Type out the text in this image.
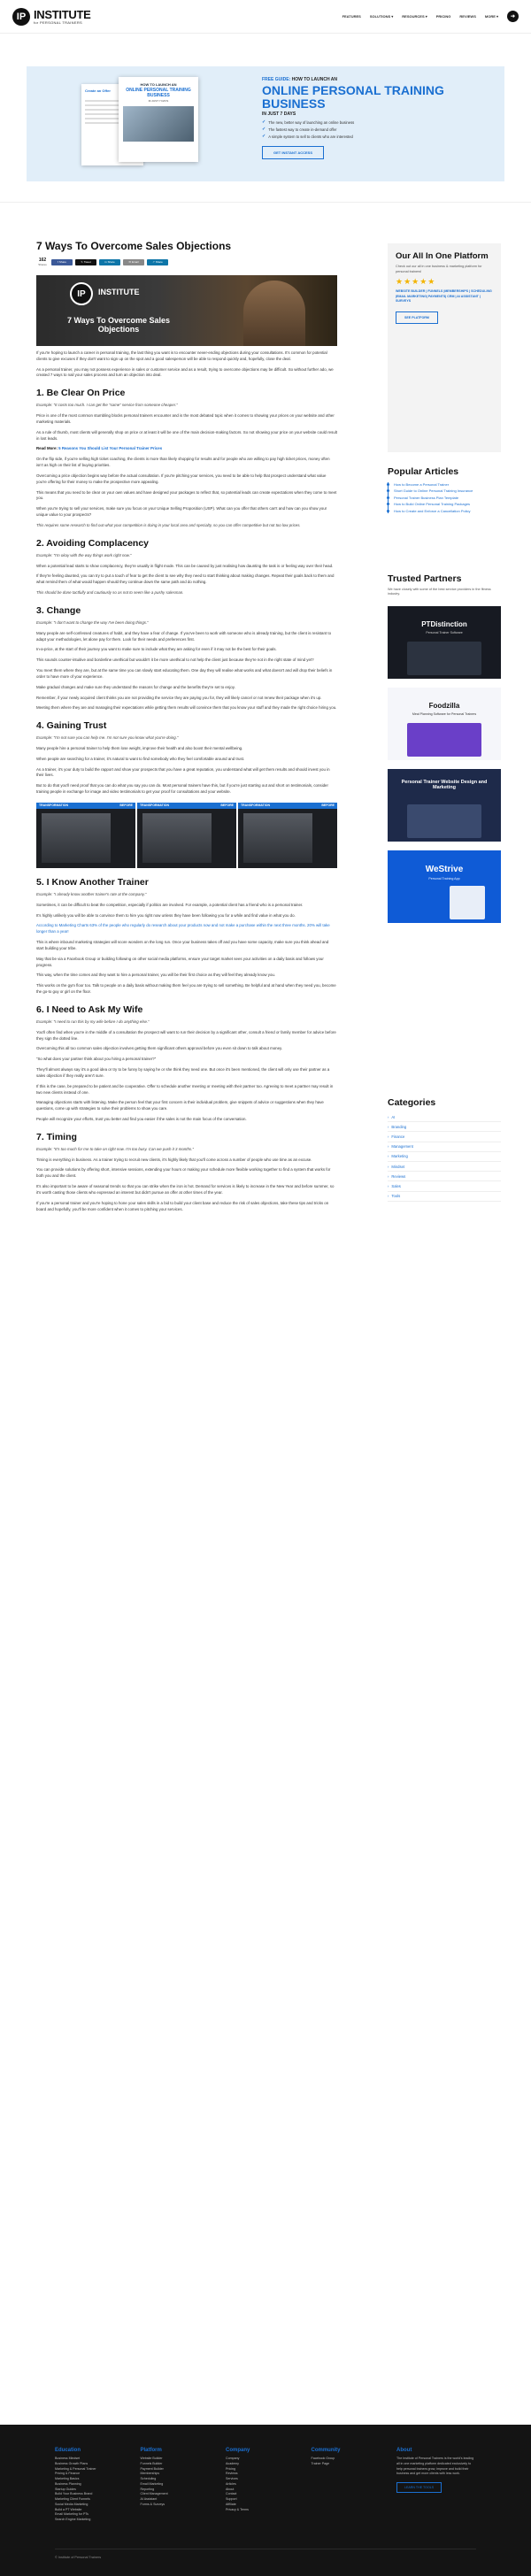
IP INSTITUTE
for PERSONAL TRAINERS
FEATURES	SOLUTIONS ▾	RESOURCES ▾	PRICING	REVIEWS	MORE ▾	➜
Create an Offer
HOW TO LAUNCH AN
ONLINE PERSONAL TRAINING BUSINESS
IN JUST 7 DAYS
FREE GUIDE: HOW TO LAUNCH AN
ONLINE PERSONAL TRAINING BUSINESS
IN JUST 7 DAYS
✓ The new, better way of launching an online business
✓ The fastest way to create in-demand offer
✓ A simple system to sell to clients who are interested
GET INSTANT ACCESS
7 Ways To Overcome Sales Objections
162
Shares
f Share	𝕏 Tweet	in Share	✉ Email	↗ Share
IP	INSTITUTE
7 Ways To Overcome Sales Objections

If you're hoping to launch a career in personal training, the last thing you want is to encounter never-ending objections during your consultations. It's common for potential clients to give excuses if they don't want to sign up on the spot and a good salesperson will be able to respond quickly and, hopefully, close the deal.

As a personal trainer, you may not possess experience in sales or customer service and as a result, trying to overcome objections may be difficult. So without further ado, we created 7 ways to nail your sales process and turn an objection into deal.

1. Be Clear On Price

Example: “It costs too much. I can get the “same” service from someone cheaper.”

Price is one of the most common stumbling blocks personal trainers encounter and is the most debated topic when it comes to showing your prices on your website and other marketing materials.

As a rule of thumb, most clients will generally shop on price or at least it will be one of the main decision-making factors. So not showing your price on your website could result in lost leads.

Read More: 5 Reasons You Should List Your Personal Trainer Prices

On the flip side, if you're selling high ticket coaching, the clients is more than likely shopping for results and for people who are willing to pay high ticket prices, money often isn't as high on their list of buying priorities.

Overcoming a price objection begins way before the actual consultation. If you're pitching your services, you need to be able to help that prospect understand what value you're offering for their money to make the prospective more appealing.

This means that you need to be clear on your own values and have designed your packages to reflect that, so potential leads can create expectations when they come to meet you.

When you're trying to sell your services, make sure you focus on your Unique Selling Proposition (USP). What can you offer that others can't and how can you show your unique value to your prospects?

This requires some research to find out what your competition is doing in your local area and specialty, so you can offer competitive but not too low prices.

2. Avoiding Complacency

Example: “I'm okay with the way things work right now.”

When a potential lead starts to show complacency, they're usually in flight mode. This can be caused by just realising how daunting the task is or feeling way over their head.

If they're feeling daunted, you can try to put a touch of fear to get the client to see why they need to start thinking about making changes. Repeat their goals back to them and what remind them of what would happen should they continue down the same path and do nothing.

This should be done tactfully and cautiously so as not to seem like a pushy salesman.

3. Change

Example: “I don't want to change the way I've been doing things.”

Many people are self-confessed creatures of habit, and they have a fear of change. If you've been to work with someone who is already training, but the client is resistant to adapt your methodologies, let alone pay for them. Look for their needs and preferences first.

In-a-price, at the start of their journey you want to make sure to include what they are asking for even if it may not be the best for their goals.

This sounds counter-intuitive and borderline unethical but wouldn't it be more unethical to not help the client just because they're not in the right state of mind yet?

You meet them where they are, but at the same time you can slowly start educating them. One day they will realise what works and what doesn't and will drop their beliefs in order to have more of your experience.

Make gradual changes and make sure they understand the reasons for change and the benefits they're set to enjoy.

Remember, if your newly acquired client thinks you are not providing the service they are paying you for, they will likely cancel or not renew their package when it's up.

Meeting them where they are and managing their expectations while getting them results will convince them that you know your stuff and they made the right choice hiring you.

4. Gaining Trust

Example: “I'm not sure you can help me. I'm not sure you know what you're doing.”

Many people hire a personal trainer to help them lose weight, improve their health and also boost their mental wellbeing.

When people are searching for a trainer, it's natural to want to find somebody who they feel comfortable around and trust.

As a trainer, it's your duty to build the rapport and show your prospects that you have a great reputation, you understand what will get them results and should invest you in their lives.

But to do that you'll need proof that you can do what you say you can do. Most personal trainers have this, but if you're just starting out and short on testimonials, consider training people in exchange for image and video testimonials to get your proof for consultations and your website.

TRANSFORMATION	BEFORE TRANSFORMATION	BEFORE TRANSFORMATION	BEFORE
5. I Know Another Trainer

Example: “I already know another trainer's rate at the company.”

Sometimes, it can be difficult to beat the competition, especially if politics are involved. For example, a potential client has a friend who is a personal trainer.

It's highly unlikely you will be able to convince them to hire you right now unless they have been following you for a while and find value in what you do.

According to Marketing Charts 63% of the people who regularly do research about your products now and not make a purchase within the next three months. 20% will take longer than a year!

This is where inbound marketing strategies will score wonders on the long run. Once your business takes off and you have some capacity, make sure you think ahead and start building your tribe.

May that be via a Facebook Group or building following on other social media platforms, ensure your target market sees your activities on a daily basis and follows your progress.

This way, when the time comes and they want to hire a personal trainer, you will be their first choice as they will feel they already know you.

This works on the gym floor too. Talk to people on a daily basis without making them feel you are trying to sell something. Be helpful and at hand when they need you, become the go-to guy or girl on the floor.

6. I Need to Ask My Wife

Example: “I need to run this by my wife before I do anything else.”

You'll often find when you're in the middle of a consultation the prospect will want to run their decision by a significant other, consult a friend or family member for advice before they sign the dotted line.

Overcoming this all too common sales objection involves getting them significant others approval before you even sit down to talk about money.

“So what does your partner think about you hiring a personal trainer?”

They'll almost always say it's a good idea or try to be funny by saying he or she think they need one. But once it's been mentioned, the client will only use their partner as a sales objection if they really aren't sure.

If this is the case, be prepared to be patient and be cooperative. Offer to schedule another meeting or meeting with their partner too. Agreeing to meet a partner may result in two new clients instead of one.

Managing objections starts with listening. Make the person feel that your first concern is their individual problem, give snippets of advice or suggestions when they have questions, come up with strategies to solve their problems to show you care.

People will recognize your efforts, trust you better and find you easier if the sales is not the main focus of the conversation.

7. Timing

Example: “It's too much for me to take on right now. I'm too busy. Can we push it 3 months.”

Timing is everything in business. As a trainer trying to recruit new clients, it's highly likely that you'll come across a number of people who use time as an excuse.

You can provide solutions by offering short, intensive sessions, extending your hours or making your schedule more flexible working together to find a system that works for both you and the client.

It's also important to be aware of seasonal trends so that you can strike when the iron is hot. Demand for services is likely to increase in the New Year and before summer, so it's worth casting those clients who expressed an interest but didn't pursue an offer at other times of the year.

If you're a personal trainer and you're hoping to hone your sales skills in a bid to build your client base and reduce the risk of sales objections, take these tips and tricks on board and hopefully, you'll be more confident when it comes to pitching your services.

Our All In One Platform
Check out our all in one business & marketing platform for personal trainers!
★★★★★
WEBSITE BUILDER | FUNNELS |MEMBERSHIPS | SCHEDULING |EMAIL MARKETING| PAYMENTS| CRM | AI ASSISTANT | SURVEYS
SEE PLATFORM
Popular Articles
How to Become a Personal Trainer
Short Guide to Online Personal Training Insurance
Personal Trainer Business Plan Template
How to Build Online Personal Training Packages
How to Create and Enforce a Cancellation Policy
Trusted Partners
We have closely with some of the best service providers in the fitness industry.
PTDistinction
Personal Trainer Software
Foodzilla
Meal Planning Software for Personal Trainers
Personal Trainer Website Design and Marketing
WeStrive
Personal Training App
Categories
› AI
› Branding
› Finance
› Management
› Marketing
› Mindset
› Reviews
› Sales
› Tools
Education
Business Mindset
Business Growth Plans
Marketing & Personal Trainer
Pricing & Finance
Marketing Basics
Business Planning
Startup Guides
Build Your Business Brand
Marketing Client Funnels
Social Media Marketing
Build a PT Website
Email Marketing for PTs
Search Engine Marketing
Platform
Website Builder
Funnels Builder
Payment Builder
Memberships
Scheduling
Email Marketing
Reporting
Client Management
AI Assistant
Forms & Surveys
Company
Company
Academy
Pricing
Reviews
Services
Articles
About
Contact
Support
Affiliate
Privacy & Terms
Community
Facebook Group
Trainer Page
About
The Institute of Personal Trainers is the world's leading all in one marketing platform dedicated exclusively to help personal trainers grow, improve and build their business and get more clients with less work.
LEARN THE TOOLS
© Institute of Personal Trainers
